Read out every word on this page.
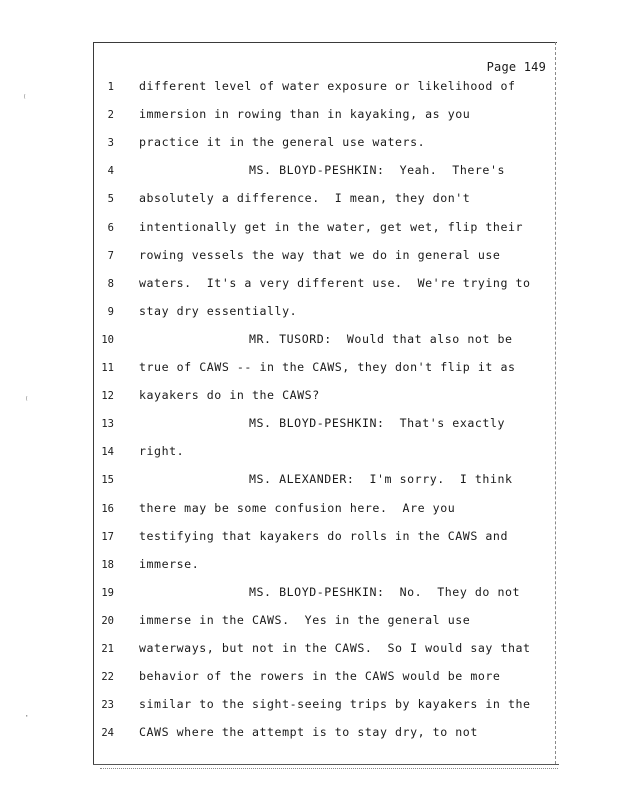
Page 149
1 different level of water exposure or likelihood of
2 immersion in rowing than in kayaking, as you
3 practice it in the general use waters.
4	MS. BLOYD-PESHKIN:  Yeah.  There's
5 absolutely a difference.  I mean, they don't
6 intentionally get in the water, get wet, flip their
7 rowing vessels the way that we do in general use
8 waters.  It's a very different use.  We're trying to
9 stay dry essentially.
10	MR. TUSORD:  Would that also not be
11 true of CAWS -- in the CAWS, they don't flip it as
12 kayakers do in the CAWS?
13	MS. BLOYD-PESHKIN:  That's exactly
14 right.
15	MS. ALEXANDER:  I'm sorry.  I think
16 there may be some confusion here.  Are you
17 testifying that kayakers do rolls in the CAWS and
18 immerse.
19	MS. BLOYD-PESHKIN:  No.  They do not
20 immerse in the CAWS.  Yes in the general use
21 waterways, but not in the CAWS.  So I would say that
22 behavior of the rowers in the CAWS would be more
23 similar to the sight-seeing trips by kayakers in the
24 CAWS where the attempt is to stay dry, to not
⁽
⁽
·
